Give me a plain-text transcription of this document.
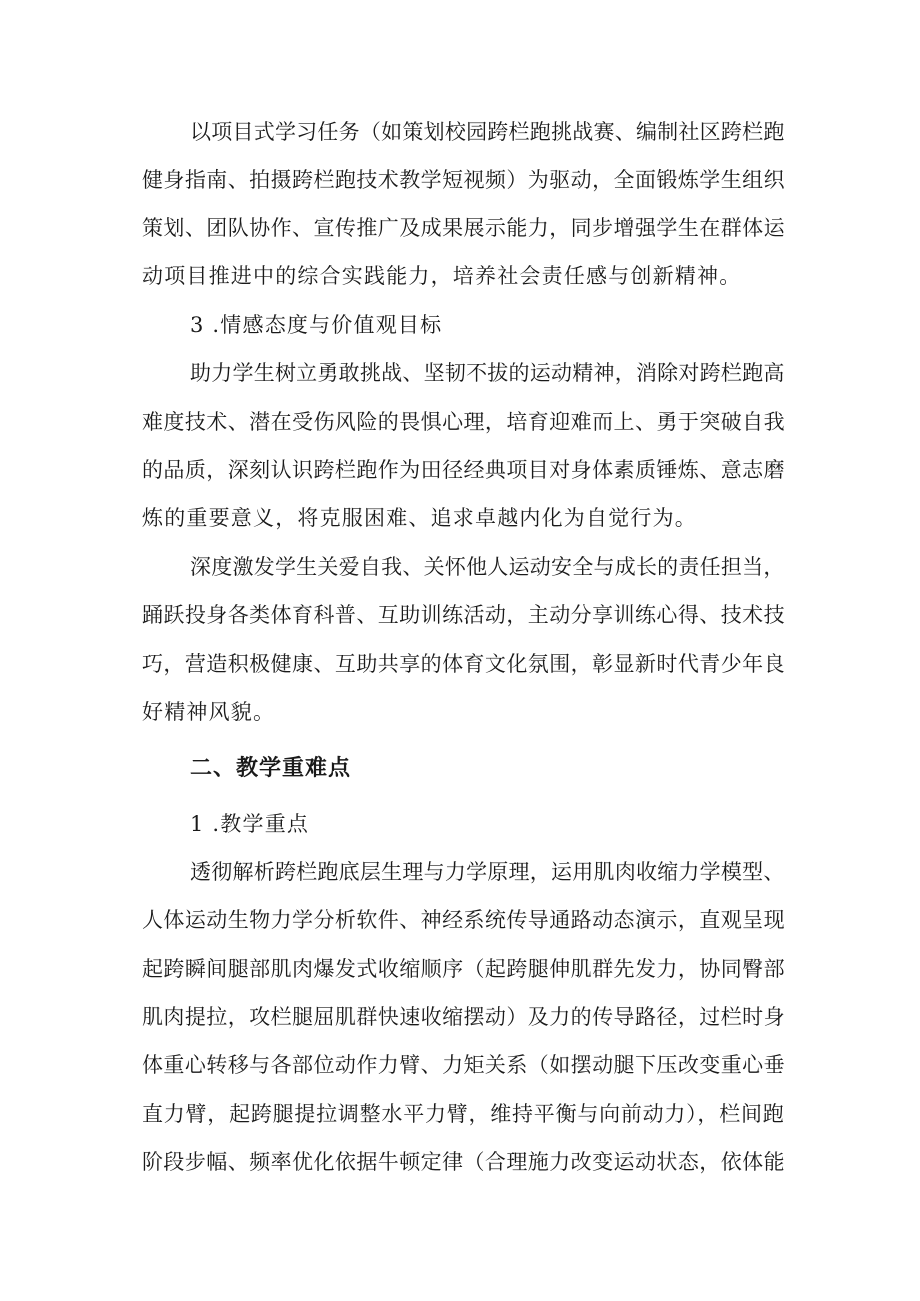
以项目式学习任务（如策划校园跨栏跑挑战赛、编制社区跨栏跑
健身指南、拍摄跨栏跑技术教学短视频）为驱动，全面锻炼学生组织
策划、团队协作、宣传推广及成果展示能力，同步增强学生在群体运
动项目推进中的综合实践能力，培养社会责任感与创新精神。
3 .情感态度与价值观目标
助力学生树立勇敢挑战、坚韧不拔的运动精神，消除对跨栏跑高
难度技术、潜在受伤风险的畏惧心理，培育迎难而上、勇于突破自我
的品质，深刻认识跨栏跑作为田径经典项目对身体素质锤炼、意志磨
炼的重要意义，将克服困难、追求卓越内化为自觉行为。
深度激发学生关爱自我、关怀他人运动安全与成长的责任担当，
踊跃投身各类体育科普、互助训练活动，主动分享训练心得、技术技
巧，营造积极健康、互助共享的体育文化氛围，彰显新时代青少年良
好精神风貌。
二、教学重难点
1 .教学重点
透彻解析跨栏跑底层生理与力学原理，运用肌肉收缩力学模型、
人体运动生物力学分析软件、神经系统传导通路动态演示，直观呈现
起跨瞬间腿部肌肉爆发式收缩顺序（起跨腿伸肌群先发力，协同臀部
肌肉提拉，攻栏腿屈肌群快速收缩摆动）及力的传导路径，过栏时身
体重心转移与各部位动作力臂、力矩关系（如摆动腿下压改变重心垂
直力臂，起跨腿提拉调整水平力臂，维持平衡与向前动力），栏间跑
阶段步幅、频率优化依据牛顿定律（合理施力改变运动状态，依体能
